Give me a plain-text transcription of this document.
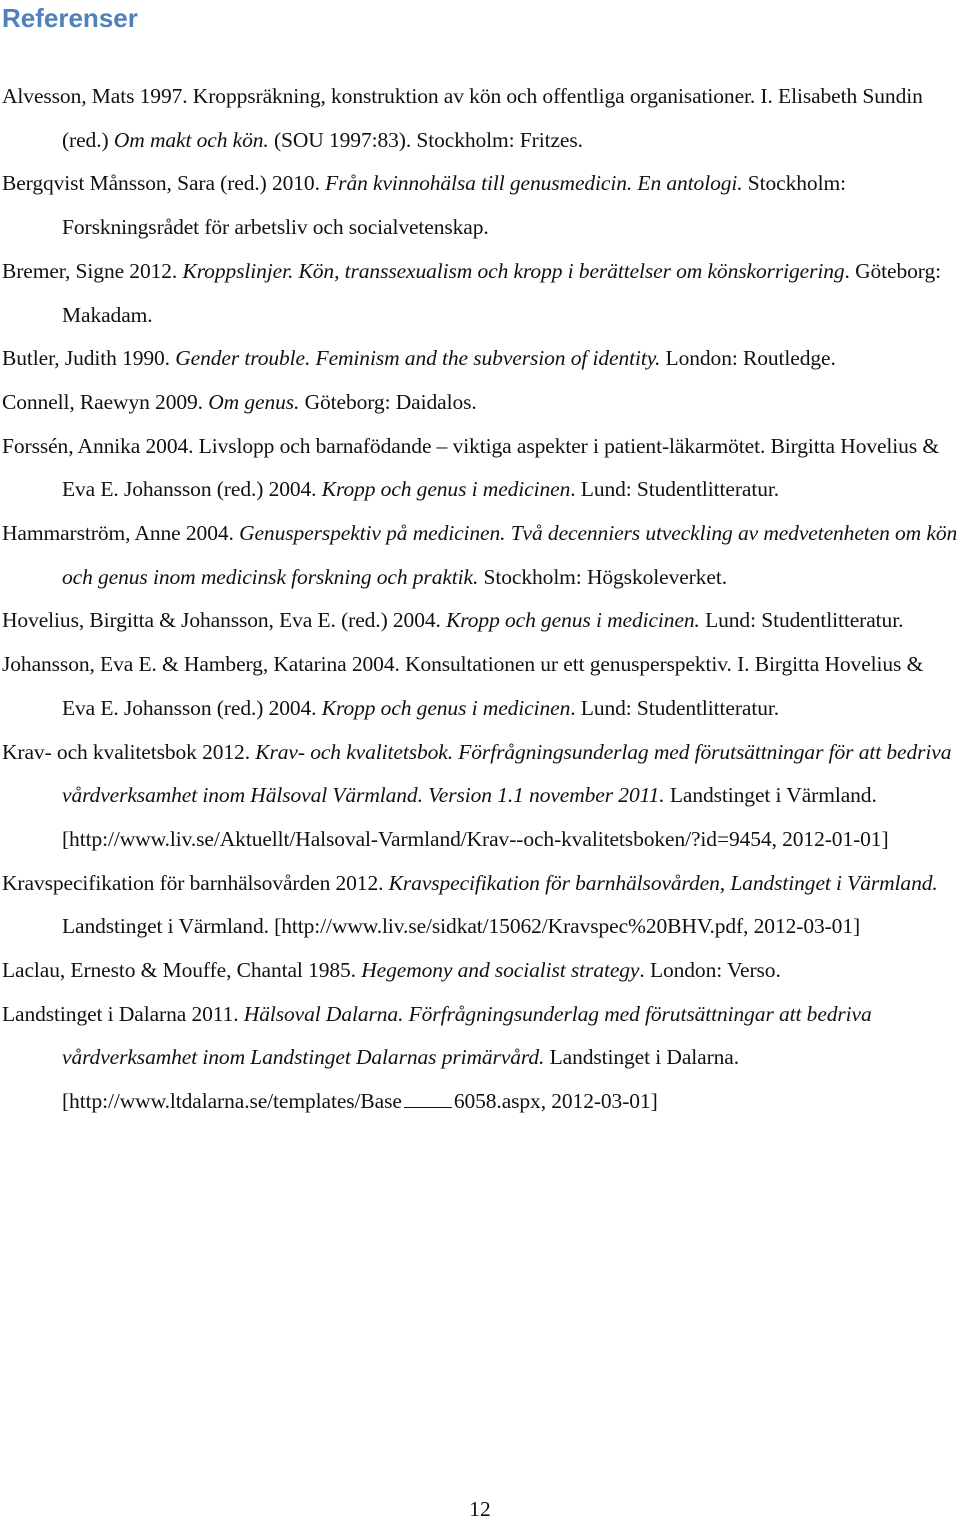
Referenser

Alvesson, Mats 1997. Kroppsräkning, konstruktion av kön och offentliga organisationer. I. Elisabeth Sundin (red.) Om makt och kön. (SOU 1997:83). Stockholm: Fritzes.

Bergqvist Månsson, Sara (red.) 2010. Från kvinnohälsa till genusmedicin. En antologi. Stockholm: Forskningsrådet för arbetsliv och socialvetenskap.

Bremer, Signe 2012. Kroppslinjer. Kön, transsexualism och kropp i berättelser om könskorrigering. Göteborg: Makadam.

Butler, Judith 1990. Gender trouble. Feminism and the subversion of identity. London: Routledge.

Connell, Raewyn 2009. Om genus. Göteborg: Daidalos.

Forssén, Annika 2004. Livslopp och barnafödande – viktiga aspekter i patient-läkarmötet. Birgitta Hovelius & Eva E. Johansson (red.) 2004. Kropp och genus i medicinen. Lund: Studentlitteratur.

Hammarström, Anne 2004. Genusperspektiv på medicinen. Två decenniers utveckling av medvetenheten om kön och genus inom medicinsk forskning och praktik. Stockholm: Högskoleverket.

Hovelius, Birgitta & Johansson, Eva E. (red.) 2004. Kropp och genus i medicinen. Lund: Studentlitteratur.

Johansson, Eva E. & Hamberg, Katarina 2004. Konsultationen ur ett genusperspektiv. I. Birgitta Hovelius & Eva E. Johansson (red.) 2004. Kropp och genus i medicinen. Lund: Studentlitteratur.

Krav- och kvalitetsbok 2012. Krav- och kvalitetsbok. Förfrågningsunderlag med förutsättningar för att bedriva vårdverksamhet inom Hälsoval Värmland. Version 1.1 november 2011. Landstinget i Värmland. [http://www.liv.se/Aktuellt/Halsoval-Varmland/Krav--och-kvalitetsboken/?id=9454, 2012-01-01]

Kravspecifikation för barnhälsovården 2012. Kravspecifikation för barnhälsovården, Landstinget i Värmland. Landstinget i Värmland. [http://www.liv.se/sidkat/15062/Kravspec%20BHV.pdf, 2012-03-01]

Laclau, Ernesto & Mouffe, Chantal 1985. Hegemony and socialist strategy. London: Verso.

Landstinget i Dalarna 2011. Hälsoval Dalarna. Förfrågningsunderlag med förutsättningar att bedriva vårdverksamhet inom Landstinget Dalarnas primärvård. Landstinget i Dalarna. [http://www.ltdalarna.se/templates/Base 6058.aspx, 2012-03-01]

12
